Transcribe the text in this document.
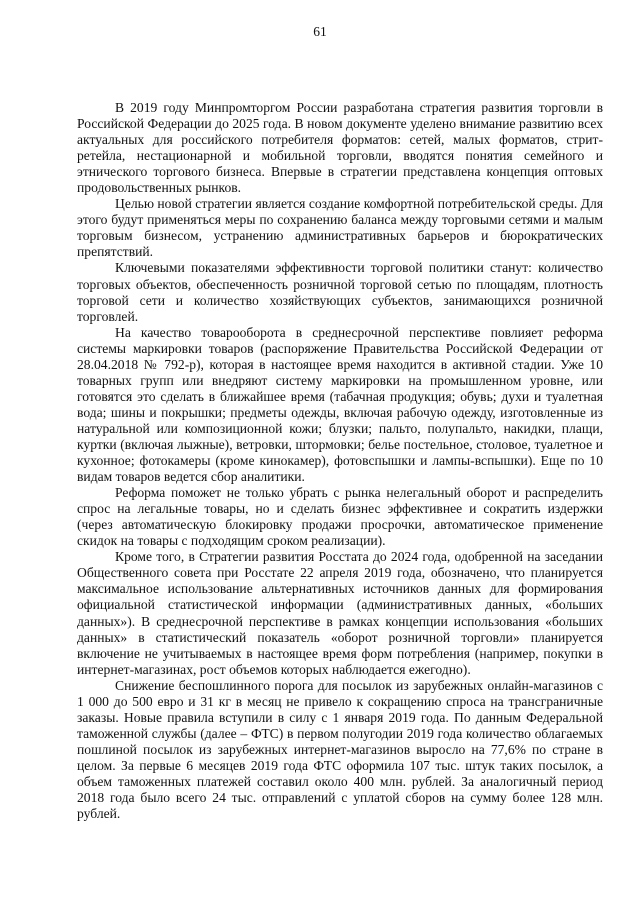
61

В 2019 году Минпромторгом России разработана стратегия развития торговли в Российской Федерации до 2025 года. В новом документе уделено внимание развитию всех актуальных для российского потребителя форматов: сетей, малых форматов, стрит-ретейла, нестационарной и мобильной торговли, вводятся понятия семейного и этнического торгового бизнеса. Впервые в стратегии представлена концепция оптовых продовольственных рынков.

Целью новой стратегии является создание комфортной потребительской среды. Для этого будут применяться меры по сохранению баланса между торговыми сетями и малым торговым бизнесом, устранению административных барьеров и бюрократических препятствий.

Ключевыми показателями эффективности торговой политики станут: количество торговых объектов, обеспеченность розничной торговой сетью по площадям, плотность торговой сети и количество хозяйствующих субъектов, занимающихся розничной торговлей.

На качество товарооборота в среднесрочной перспективе повлияет реформа системы маркировки товаров (распоряжение Правительства Российской Федерации от 28.04.2018 № 792-р), которая в настоящее время находится в активной стадии. Уже 10 товарных групп или внедряют систему маркировки на промышленном уровне, или готовятся это сделать в ближайшее время (табачная продукция; обувь; духи и туалетная вода; шины и покрышки; предметы одежды, включая рабочую одежду, изготовленные из натуральной или композиционной кожи; блузки; пальто, полупальто, накидки, плащи, куртки (включая лыжные), ветровки, штормовки; белье постельное, столовое, туалетное и кухонное; фотокамеры (кроме кинокамер), фотовспышки и лампы-вспышки). Еще по 10 видам товаров ведется сбор аналитики.

Реформа поможет не только убрать с рынка нелегальный оборот и распределить спрос на легальные товары, но и сделать бизнес эффективнее и сократить издержки (через автоматическую блокировку продажи просрочки, автоматическое применение скидок на товары с подходящим сроком реализации).

Кроме того, в Стратегии развития Росстата до 2024 года, одобренной на заседании Общественного совета при Росстате 22 апреля 2019 года, обозначено, что планируется максимальное использование альтернативных источников данных для формирования официальной статистической информации (административных данных, «больших данных»). В среднесрочной перспективе в рамках концепции использования «больших данных» в статистический показатель «оборот розничной торговли» планируется включение не учитываемых в настоящее время форм потребления (например, покупки в интернет-магазинах, рост объемов которых наблюдается ежегодно).

Снижение беспошлинного порога для посылок из зарубежных онлайн-магазинов с 1 000 до 500 евро и 31 кг в месяц не привело к сокращению спроса на трансграничные заказы. Новые правила вступили в силу с 1 января 2019 года. По данным Федеральной таможенной службы (далее – ФТС) в первом полугодии 2019 года количество облагаемых пошлиной посылок из зарубежных интернет-магазинов выросло на 77,6% по стране в целом. За первые 6 месяцев 2019 года ФТС оформила 107 тыс. штук таких посылок, а объем таможенных платежей составил около 400 млн. рублей. За аналогичный период 2018 года было всего 24 тыс. отправлений с уплатой сборов на сумму более 128 млн. рублей.
